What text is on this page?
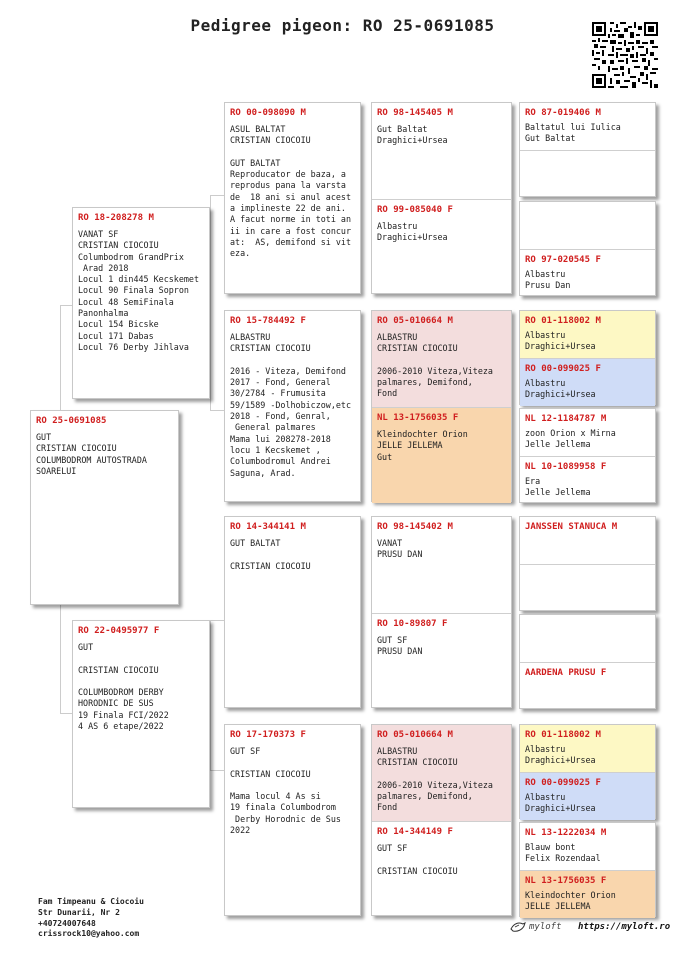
Pedigree pigeon: RO 25-0691085
RO 25-0691085
GUT
CRISTIAN CIOCOIU
COLUMBODROM AUTOSTRADA
SOARELUI
RO 18-208278 M
VANAT SF
CRISTIAN CIOCOIU
Columbodrom GrandPrix
Arad 2018
Locul 1 din445 Kecskemet
Locul 90 Finala Sopron
Locul 48 SemiFinala
Panonhalma
Locul 154 Bicske
Locul 171 Dabas
Locul 76 Derby Jihlava
RO 22-0495977 F
GUT

CRISTIAN CIOCOIU

COLUMBODROM DERBY
HORODNIC DE SUS
19 Finala FCI/2022
4 AS 6 etape/2022
RO 00-098090 M
ASUL BALTAT
CRISTIAN CIOCOIU

GUT BALTAT
Reproducator de baza, a
reprodus pana la varsta
de  18 ani si anul acest
a implineste 22 de ani.
A facut norme in toti an
ii in care a fost concur
at:  AS, demifond si vit
eza.
RO 15-784492 F
ALBASTRU
CRISTIAN CIOCOIU

2016 - Viteza, Demifond
2017 - Fond, General
30/2784 - Frumusita
59/1589 -Dolhobiczow,etc
2018 - Fond, Genral,
General palmares
Mama lui 208278-2018
locu 1 Kecskemet ,
Columbodromul Andrei
Saguna, Arad.
RO 14-344141 M
GUT BALTAT

CRISTIAN CIOCOIU
RO 17-170373 F
GUT SF

CRISTIAN CIOCOIU

Mama locul 4 As si
19 finala Columbodrom
Derby Horodnic de Sus
2022
RO 98-145405 M
Gut Baltat
Draghici+Ursea
RO 99-085040 F
Albastru
Draghici+Ursea
RO 05-010664 M
ALBASTRU
CRISTIAN CIOCOIU

2006-2010 Viteza,Viteza
palmares, Demifond,
Fond
NL 13-1756035 F
Kleindochter Orion
JELLE JELLEMA
Gut
RO 98-145402 M
VANAT
PRUSU DAN
RO 10-89807 F
GUT SF
PRUSU DAN
RO 05-010664 M
ALBASTRU
CRISTIAN CIOCOIU

2006-2010 Viteza,Viteza
palmares, Demifond,
Fond
RO 14-344149 F
GUT SF

CRISTIAN CIOCOIU
RO 87-019406 M
Baltatul lui Iulica
Gut Baltat
RO 97-020545 F
Albastru
Prusu Dan
RO 01-118002 M
Albastru
Draghici+Ursea
RO 00-099025 F
Albastru
Draghici+Ursea
NL 12-1184787 M
zoon Orion x Mirna
Jelle Jellema
NL 10-1089958 F
Era
Jelle Jellema
JANSSEN STANUCA M
AARDENA PRUSU F
RO 01-118002 M
Albastru
Draghici+Ursea
RO 00-099025 F
Albastru
Draghici+Ursea
NL 13-1222034 M
Blauw bont
Felix Rozendaal
NL 13-1756035 F
Kleindochter Orion
JELLE JELLEMA
Fam Timpeanu & Ciocoiu
Str Dunarii, Nr 2
+40724007648
crissrock10@yahoo.com
myloft https://myloft.ro
